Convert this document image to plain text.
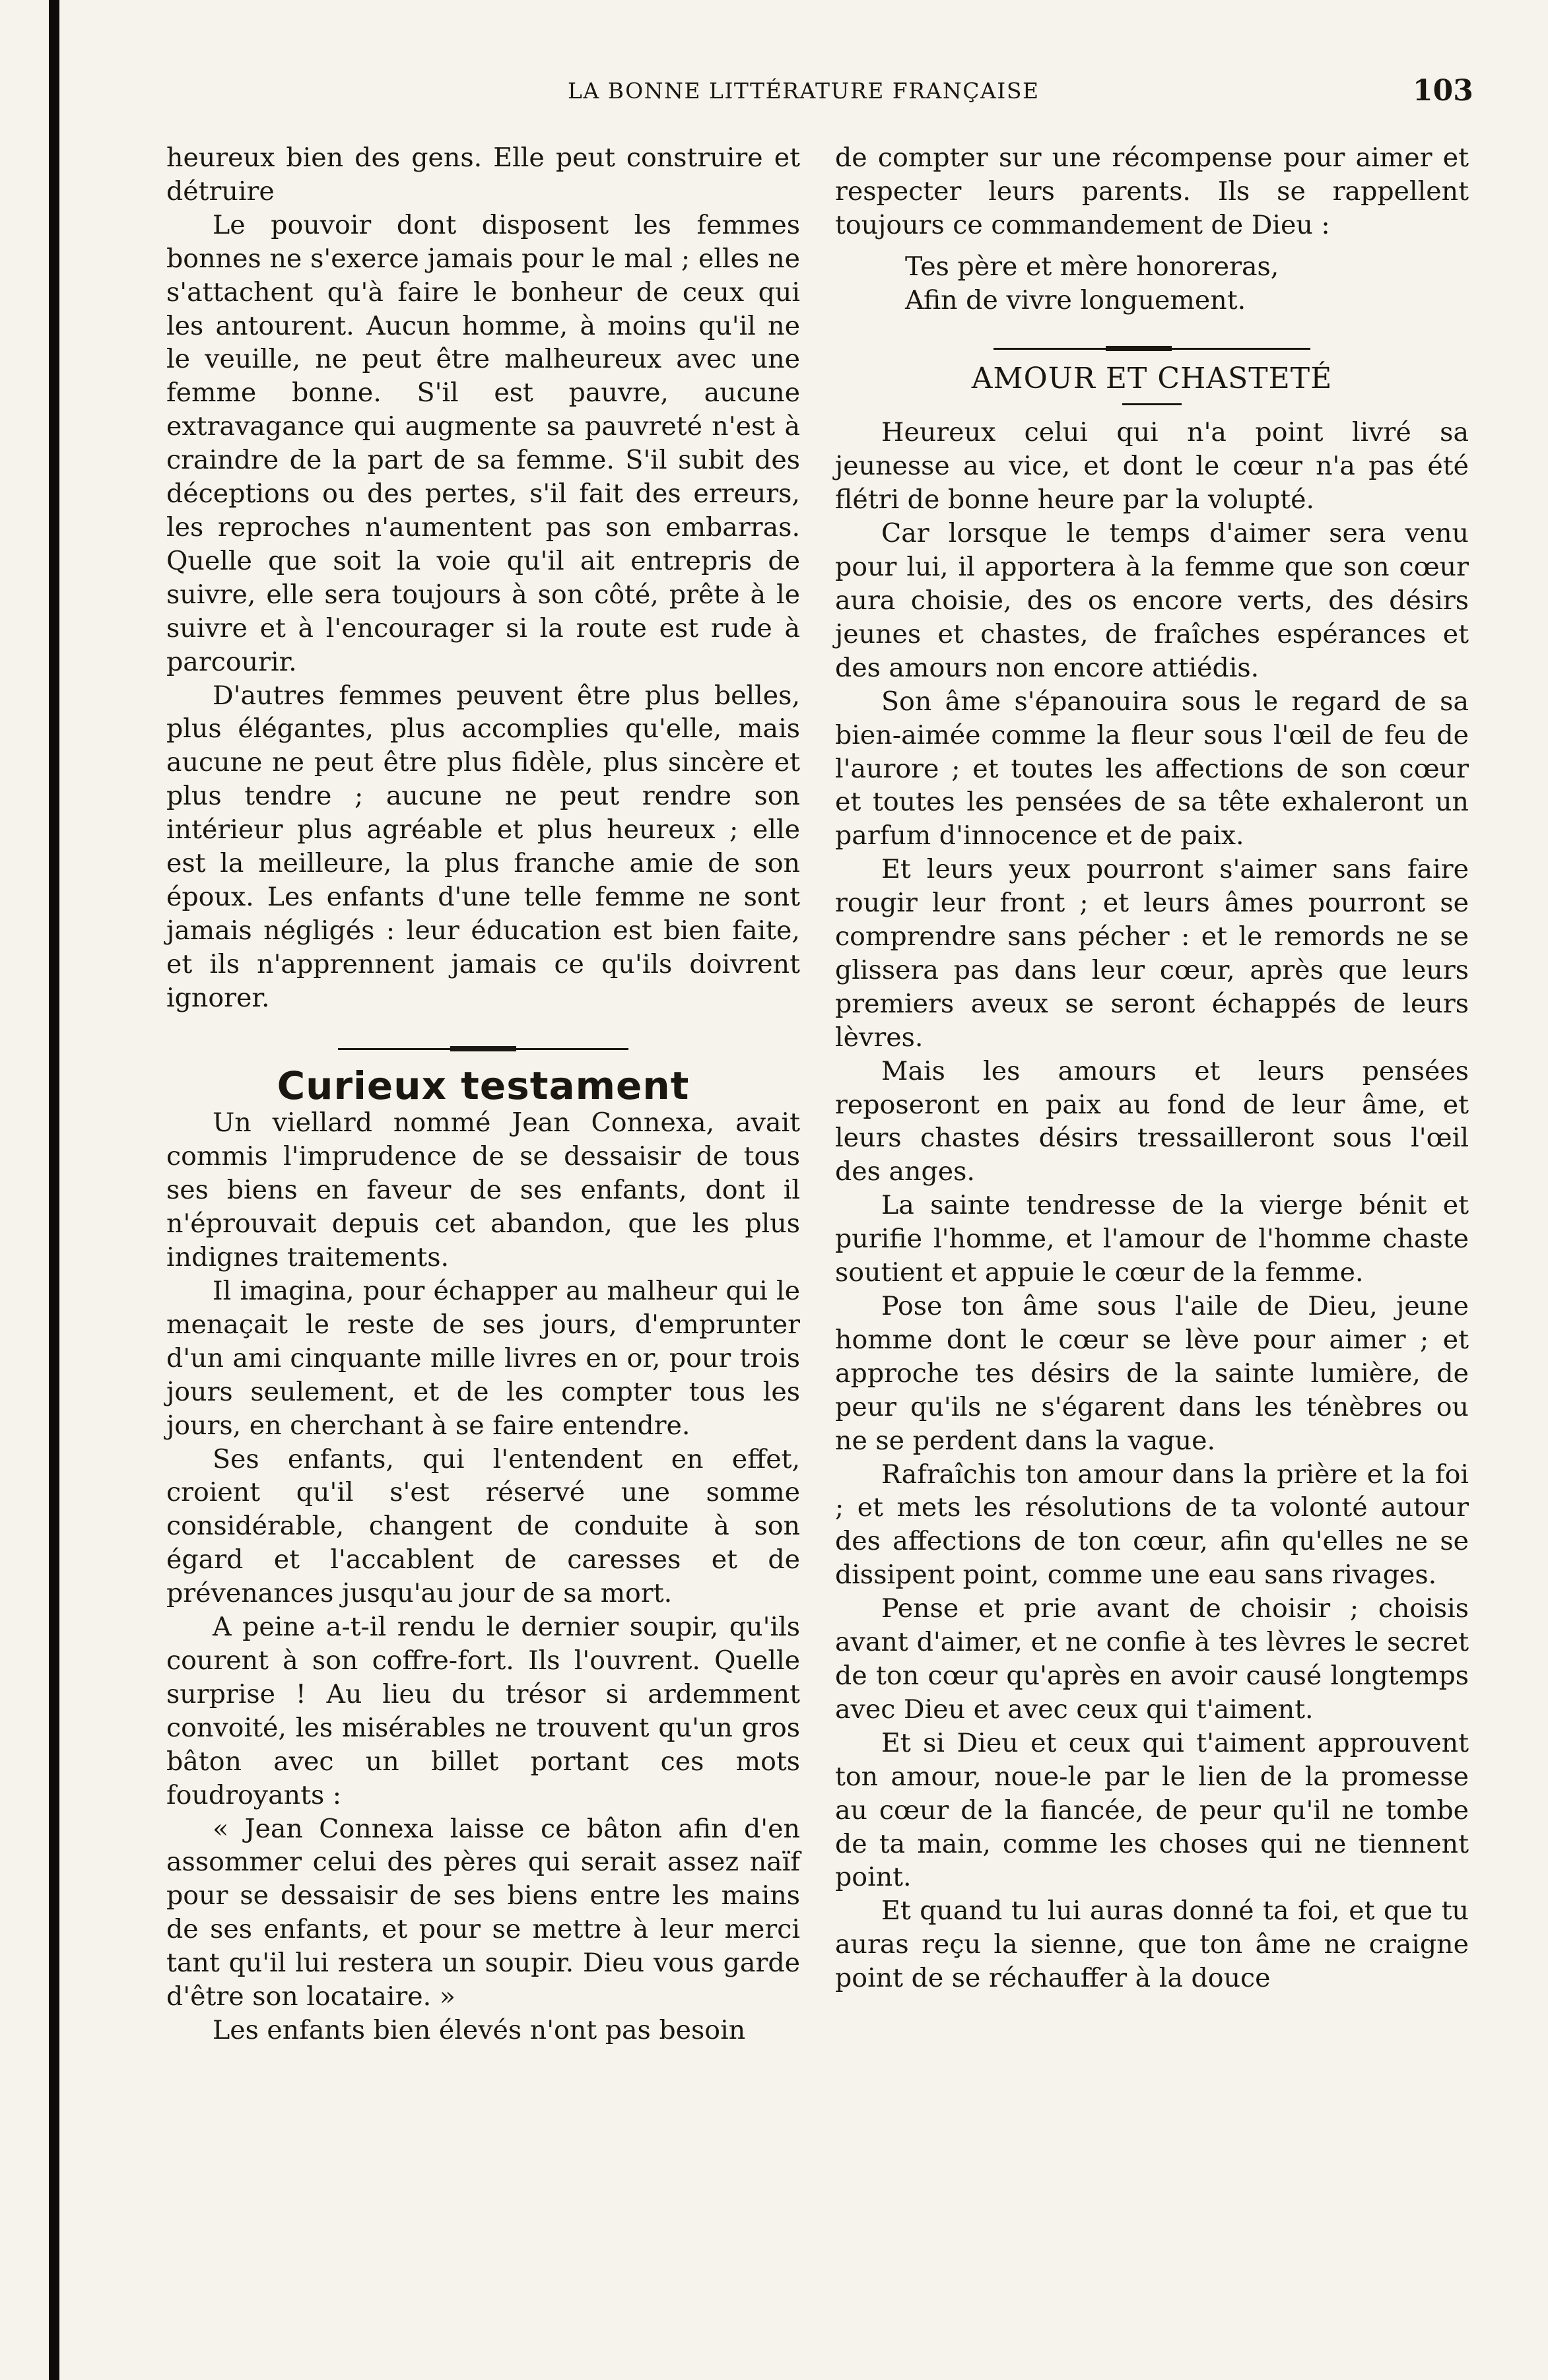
LA BONNE LITTÉRATURE FRANÇAISE	103

heureux bien des gens. Elle peut construire et détruire

Le pouvoir dont disposent les femmes bonnes ne s'exerce jamais pour le mal ; elles ne s'attachent qu'à faire le bonheur de ceux qui les antourent. Aucun homme, à moins qu'il ne le veuille, ne peut être malheureux avec une femme bonne. S'il est pauvre, aucune extravagance qui augmente sa pauvreté n'est à craindre de la part de sa femme. S'il subit des déceptions ou des pertes, s'il fait des erreurs, les reproches n'aumentent pas son embarras. Quelle que soit la voie qu'il ait entrepris de suivre, elle sera toujours à son côté, prête à le suivre et à l'encourager si la route est rude à parcourir.

D'autres femmes peuvent être plus belles, plus élégantes, plus accomplies qu'elle, mais aucune ne peut être plus fidèle, plus sincère et plus tendre ; aucune ne peut rendre son intérieur plus agréable et plus heureux ; elle est la meilleure, la plus franche amie de son époux. Les enfants d'une telle femme ne sont jamais négligés : leur éducation est bien faite, et ils n'apprennent jamais ce qu'ils doivrent ignorer.

Curieux testament

Un viellard nommé Jean Connexa, avait commis l'imprudence de se dessaisir de tous ses biens en faveur de ses enfants, dont il n'éprouvait depuis cet abandon, que les plus indignes traitements.

Il imagina, pour échapper au malheur qui le menaçait le reste de ses jours, d'emprunter d'un ami cinquante mille livres en or, pour trois jours seulement, et de les compter tous les jours, en cherchant à se faire entendre.

Ses enfants, qui l'entendent en effet, croient qu'il s'est réservé une somme considérable, changent de conduite à son égard et l'accablent de caresses et de prévenances jusqu'au jour de sa mort.

A peine a-t-il rendu le dernier soupir, qu'ils courent à son coffre-fort. Ils l'ouvrent. Quelle surprise ! Au lieu du trésor si ardemment convoité, les misérables ne trouvent qu'un gros bâton avec un billet portant ces mots foudroyants :

« Jean Connexa laisse ce bâton afin d'en assommer celui des pères qui serait assez naïf pour se dessaisir de ses biens entre les mains de ses enfants, et pour se mettre à leur merci tant qu'il lui restera un soupir. Dieu vous garde d'être son locataire. »

Les enfants bien élevés n'ont pas besoin

de compter sur une récompense pour aimer et respecter leurs parents. Ils se rappellent toujours ce commandement de Dieu :

Tes père et mère honoreras,

Afin de vivre longuement.

AMOUR ET CHASTETÉ

Heureux celui qui n'a point livré sa jeunesse au vice, et dont le cœur n'a pas été flétri de bonne heure par la volupté.

Car lorsque le temps d'aimer sera venu pour lui, il apportera à la femme que son cœur aura choisie, des os encore verts, des désirs jeunes et chastes, de fraîches espérances et des amours non encore attiédis.

Son âme s'épanouira sous le regard de sa bien-aimée comme la fleur sous l'œil de feu de l'aurore ; et toutes les affections de son cœur et toutes les pensées de sa tête exhaleront un parfum d'innocence et de paix.

Et leurs yeux pourront s'aimer sans faire rougir leur front ; et leurs âmes pourront se comprendre sans pécher : et le remords ne se glissera pas dans leur cœur, après que leurs premiers aveux se seront échappés de leurs lèvres.

Mais les amours et leurs pensées reposeront en paix au fond de leur âme, et leurs chastes désirs tressailleront sous l'œil des anges.

La sainte tendresse de la vierge bénit et purifie l'homme, et l'amour de l'homme chaste soutient et appuie le cœur de la femme.

Pose ton âme sous l'aile de Dieu, jeune homme dont le cœur se lève pour aimer ; et approche tes désirs de la sainte lumière, de peur qu'ils ne s'égarent dans les ténèbres ou ne se perdent dans la vague.

Rafraîchis ton amour dans la prière et la foi ; et mets les résolutions de ta volonté autour des affections de ton cœur, afin qu'elles ne se dissipent point, comme une eau sans rivages.

Pense et prie avant de choisir ; choisis avant d'aimer, et ne confie à tes lèvres le secret de ton cœur qu'après en avoir causé longtemps avec Dieu et avec ceux qui t'aiment.

Et si Dieu et ceux qui t'aiment approuvent ton amour, noue-le par le lien de la promesse au cœur de la fiancée, de peur qu'il ne tombe de ta main, comme les choses qui ne tiennent point.

Et quand tu lui auras donné ta foi, et que tu auras reçu la sienne, que ton âme ne craigne point de se réchauffer à la douce
